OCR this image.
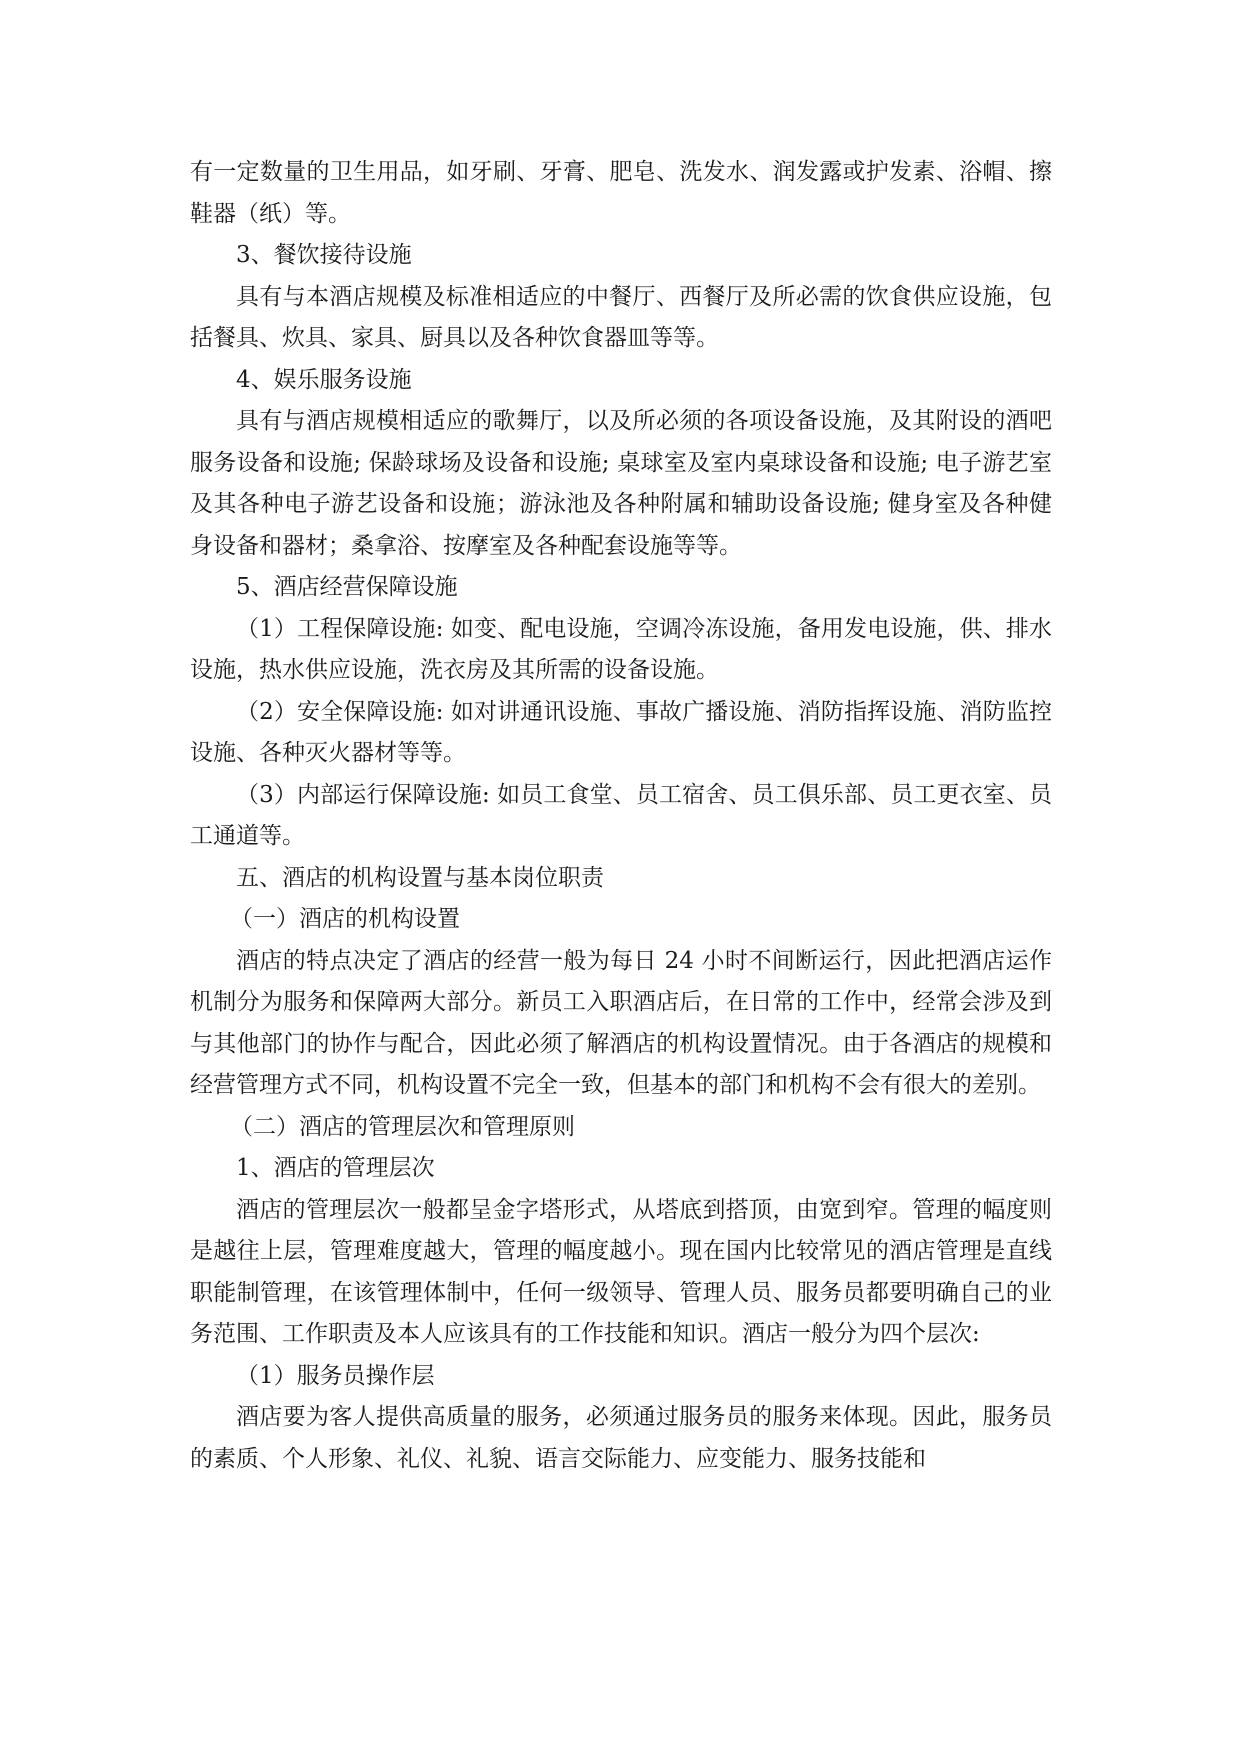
有一定数量的卫生用品，如牙刷、牙膏、肥皂、洗发水、润发露或护发素、浴帽、擦鞋器（纸）等。

3、餐饮接待设施

具有与本酒店规模及标准相适应的中餐厅、西餐厅及所必需的饮食供应设施，包括餐具、炊具、家具、厨具以及各种饮食器皿等等。

4、娱乐服务设施

具有与酒店规模相适应的歌舞厅，以及所必须的各项设备设施，及其附设的酒吧服务设备和设施; 保龄球场及设备和设施; 桌球室及室内桌球设备和设施; 电子游艺室及其各种电子游艺设备和设施；游泳池及各种附属和辅助设备设施; 健身室及各种健身设备和器材；桑拿浴、按摩室及各种配套设施等等。

5、酒店经营保障设施

（1）工程保障设施: 如变、配电设施，空调冷冻设施，备用发电设施，供、排水设施，热水供应设施，洗衣房及其所需的设备设施。

（2）安全保障设施: 如对讲通讯设施、事故广播设施、消防指挥设施、消防监控设施、各种灭火器材等等。

（3）内部运行保障设施: 如员工食堂、员工宿舍、员工俱乐部、员工更衣室、员工通道等。

五、酒店的机构设置与基本岗位职责

（一）酒店的机构设置

酒店的特点决定了酒店的经营一般为每日 24 小时不间断运行，因此把酒店运作机制分为服务和保障两大部分。新员工入职酒店后，在日常的工作中，经常会涉及到与其他部门的协作与配合，因此必须了解酒店的机构设置情况。由于各酒店的规模和经营管理方式不同，机构设置不完全一致，但基本的部门和机构不会有很大的差别。

（二）酒店的管理层次和管理原则

1、酒店的管理层次

酒店的管理层次一般都呈金字塔形式，从塔底到搭顶，由宽到窄。管理的幅度则是越往上层，管理难度越大，管理的幅度越小。现在国内比较常见的酒店管理是直线职能制管理，在该管理体制中，任何一级领导、管理人员、服务员都要明确自己的业务范围、工作职责及本人应该具有的工作技能和知识。酒店一般分为四个层次:

（1）服务员操作层

酒店要为客人提供高质量的服务，必须通过服务员的服务来体现。因此，服务员的素质、个人形象、礼仪、礼貌、语言交际能力、应变能力、服务技能和
